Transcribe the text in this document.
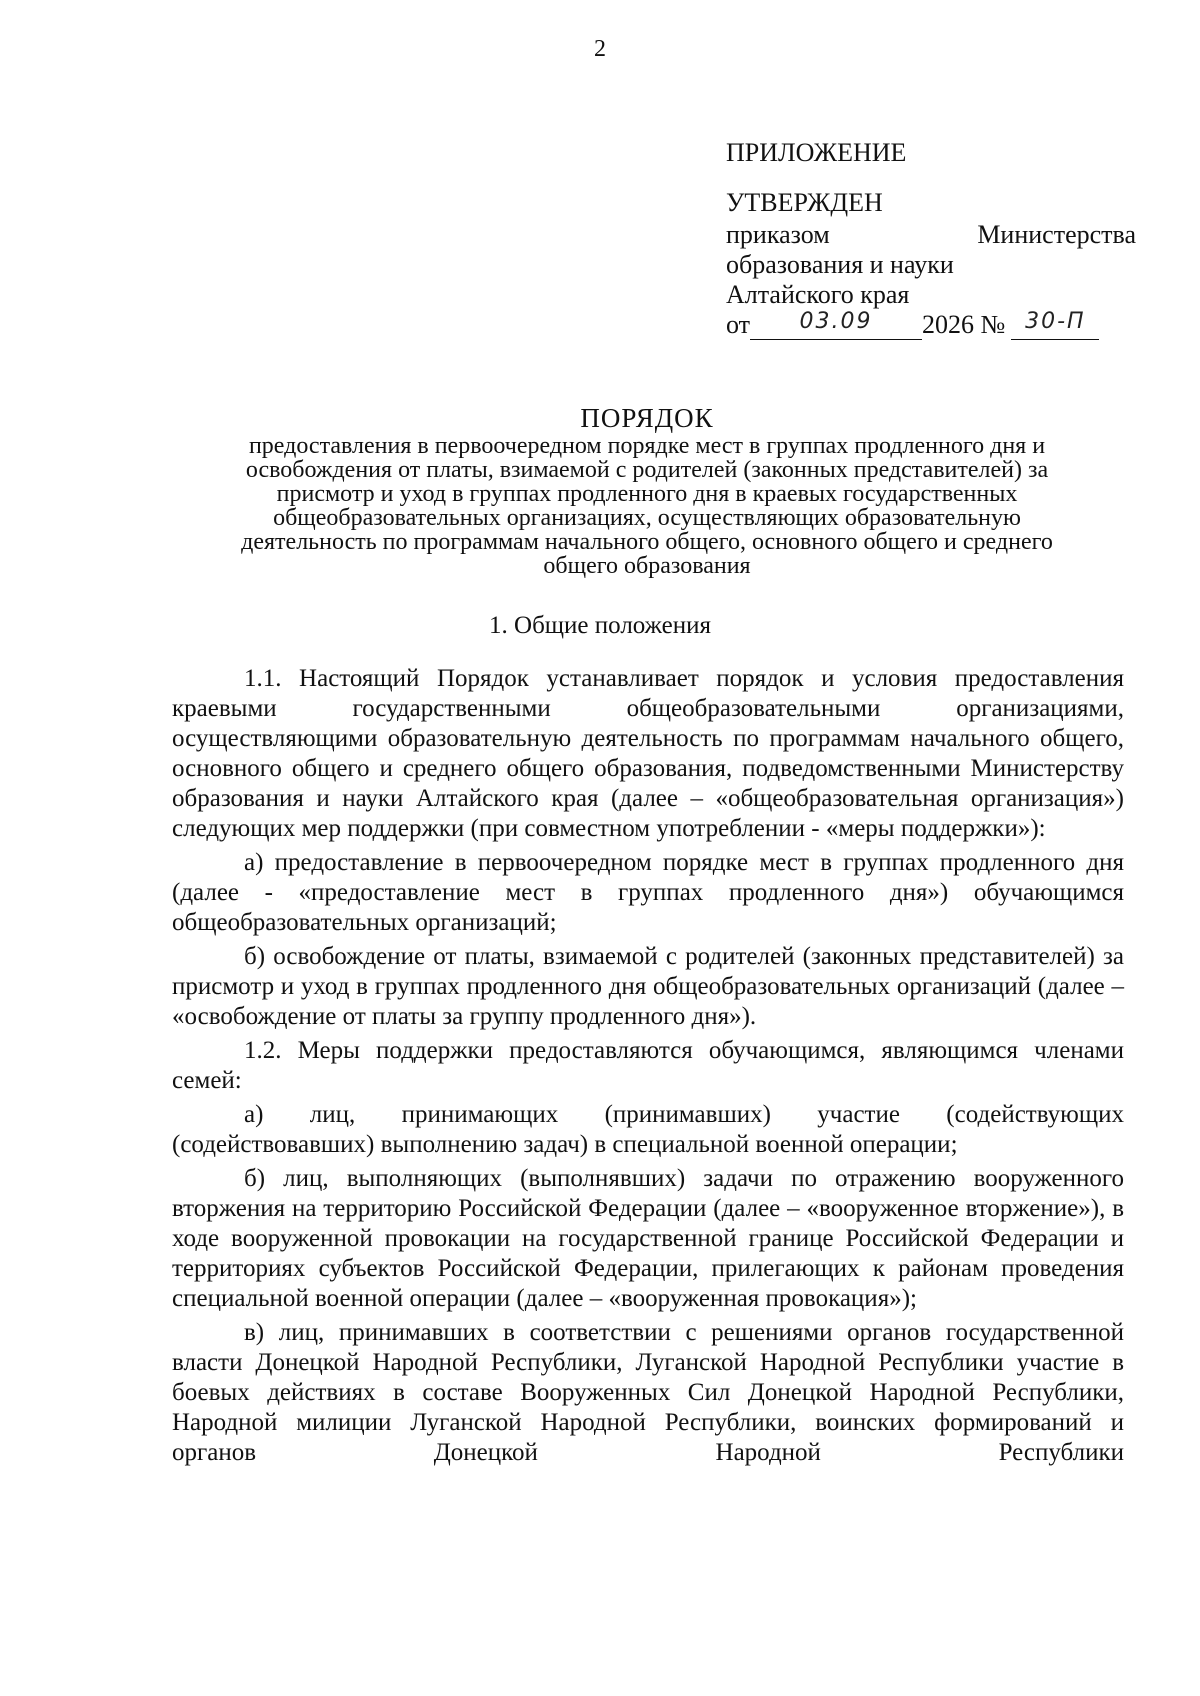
2
ПРИЛОЖЕНИЕ
УТВЕРЖДЕН
приказом	Министерства
образования и науки
Алтайского края
от	03.09	2026 № 30-П
ПОРЯДОК
предоставления в первоочередном порядке мест в группах продленного дня и
освобождения от платы, взимаемой с родителей (законных представителей) за
присмотр и уход в группах продленного дня в краевых государственных
общеобразовательных организациях, осуществляющих образовательную
деятельность по программам начального общего, основного общего и среднего
общего образования
1. Общие положения

1.1. Настоящий Порядок устанавливает порядок и условия предоставления краевыми государственными общеобразовательными организациями, осуществляющими образовательную деятельность по программам начального общего, основного общего и среднего общего образования, подведомственными Министерству образования и науки Алтайского края (далее – «общеобразовательная организация») следующих мер поддержки (при совместном употреблении - «меры поддержки»):

а) предоставление в первоочередном порядке мест в группах продленного дня (далее - «предоставление мест в группах продленного дня») обучающимся общеобразовательных организаций;

б) освобождение от платы, взимаемой с родителей (законных представителей) за присмотр и уход в группах продленного дня общеобразовательных организаций (далее – «освобождение от платы за группу продленного дня»).

1.2. Меры поддержки предоставляются обучающимся, являющимся членами семей:

а) лиц, принимающих (принимавших) участие (содействующих (содействовавших) выполнению задач) в специальной военной операции;

б) лиц, выполняющих (выполнявших) задачи по отражению вооруженного вторжения на территорию Российской Федерации (далее – «вооруженное вторжение»), в ходе вооруженной провокации на государственной границе Российской Федерации и территориях субъектов Российской Федерации, прилегающих к районам проведения специальной военной операции (далее – «вооруженная провокация»);

в) лиц, принимавших в соответствии с решениями органов государственной власти Донецкой Народной Республики, Луганской Народной Республики участие в боевых действиях в составе Вооруженных Сил Донецкой Народной Республики, Народной милиции Луганской Народной Республики, воинских формирований и органов Донецкой Народной Республики
